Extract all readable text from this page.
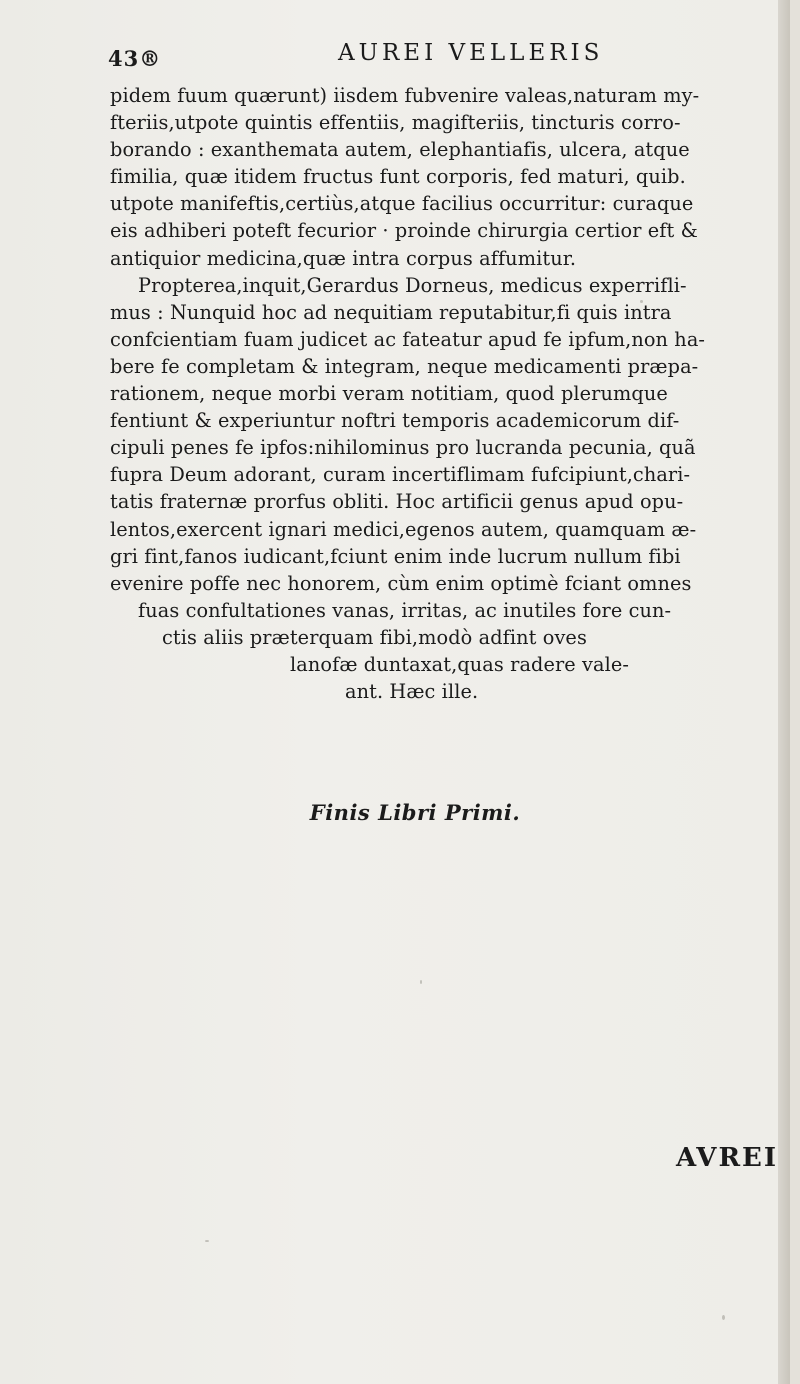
43®	AUREI VELLERIS
pidem fuum quærunt) iisdem fubvenire valeas,naturam my-
fteriis,utpote quintis effentiis, magifteriis, tincturis corro-
borando : exanthemata autem, elephantiafis, ulcera, atque
fimilia, quæ itidem fructus funt corporis, fed maturi, quib.
utpote manifeftis,certiùs,atque facilius occurritur: curaque
eis adhiberi poteft fecurior · proinde chirurgia certior eft &
antiquior medicina,quæ intra corpus affumitur.
Propterea,inquit,Gerardus Dorneus, medicus experrifli-
mus : Nunquid hoc ad nequitiam reputabitur,fi quis intra
confcientiam fuam judicet ac fateatur apud fe ipfum,non ha-
bere fe completam & integram, neque medicamenti præpa-
rationem, neque morbi veram notitiam, quod plerumque
fentiunt & experiuntur noftri temporis academicorum dif-
cipuli penes fe ipfos:nihilominus pro lucranda pecunia, quã
fupra Deum adorant, curam incertiflimam fufcipiunt,chari-
tatis fraternæ prorfus obliti. Hoc artificii genus apud opu-
lentos,exercent ignari medici,egenos autem, quamquam æ-
gri fint,fanos iudicant,fciunt enim inde lucrum nullum fibi
evenire poffe nec honorem, cùm enim optimè fciant omnes
fuas confultationes vanas, irritas, ac inutiles fore cun-
ctis aliis præterquam fibi,modò adfint oves
lanofæ duntaxat,quas radere vale-
ant. Hæc ille.
Finis Libri Primi.
AVREI
